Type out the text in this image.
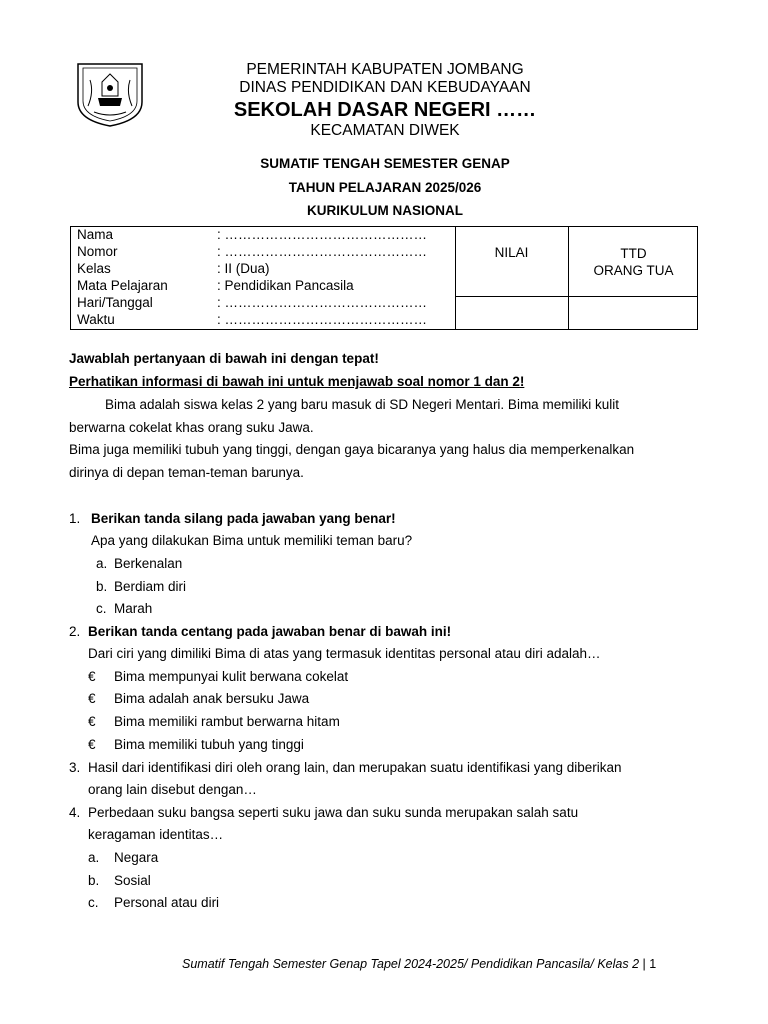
PEMERINTAH KABUPATEN JOMBANG
DINAS PENDIDIKAN DAN KEBUDAYAAN
SEKOLAH DASAR NEGERI ……
KECAMATAN DIWEK
SUMATIF TENGAH SEMESTER GENAP
TAHUN PELAJARAN 2025/026
KURIKULUM NASIONAL
Nama	: ………………………………………
Nomor	: ………………………………………
Kelas	: II (Dua)
Mata Pelajaran	: Pendidikan Pancasila
Hari/Tanggal	: ………………………………………
Waktu	: ………………………………………
NILAI	TTD
ORANG TUA
Jawablah pertanyaan di bawah ini dengan tepat!
Perhatikan informasi di bawah ini untuk menjawab soal nomor 1 dan 2!
Bima adalah siswa kelas 2 yang baru masuk di SD Negeri Mentari. Bima memiliki kulit
berwarna cokelat khas orang suku Jawa.
Bima juga memiliki tubuh yang tinggi, dengan gaya bicaranya yang halus dia memperkenalkan
dirinya di depan teman-teman barunya.
1. Berikan tanda silang pada jawaban yang benar!
Apa yang dilakukan Bima untuk memiliki teman baru?
a. Berkenalan
b. Berdiam diri
c. Marah
2. Berikan tanda centang pada jawaban benar di bawah ini!
Dari ciri yang dimiliki Bima di atas yang termasuk identitas personal atau diri adalah…
€ Bima mempunyai kulit berwana cokelat
€ Bima adalah anak bersuku Jawa
€ Bima memiliki rambut berwarna hitam
€ Bima memiliki tubuh yang tinggi
3. Hasil dari identifikasi diri oleh orang lain, dan merupakan suatu identifikasi yang diberikan
orang lain disebut dengan…
4. Perbedaan suku bangsa seperti suku jawa dan suku sunda merupakan salah satu
keragaman identitas…
a. Negara
b. Sosial
c. Personal atau diri
Sumatif Tengah Semester Genap Tapel 2024-2025/ Pendidikan Pancasila/ Kelas 2 | 1
